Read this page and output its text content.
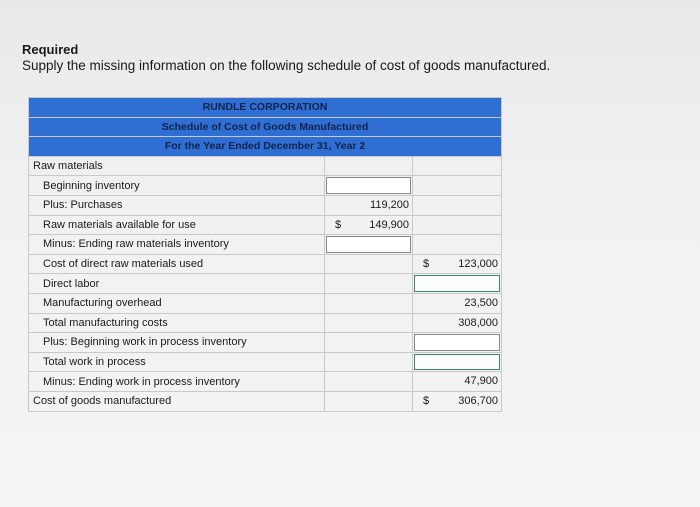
Required
Supply the missing information on the following schedule of cost of goods manufactured.
RUNDLE CORPORATION		
Schedule of Cost of Goods Manufactured		
For the Year Ended December 31, Year 2		
Raw materials		
Beginning inventory	

Plus: Purchases	119,200	

Raw materials available for use	$ 149,900	

Minus: Ending raw materials inventory	

Cost of direct raw materials used		$ 123,000

Direct labor		

Manufacturing overhead		23,500

Total manufacturing costs		308,000

Plus: Beginning work in process inventory		

Total work in process		

Minus: Ending work in process inventory		47,900

Cost of goods manufactured		$ 306,700
